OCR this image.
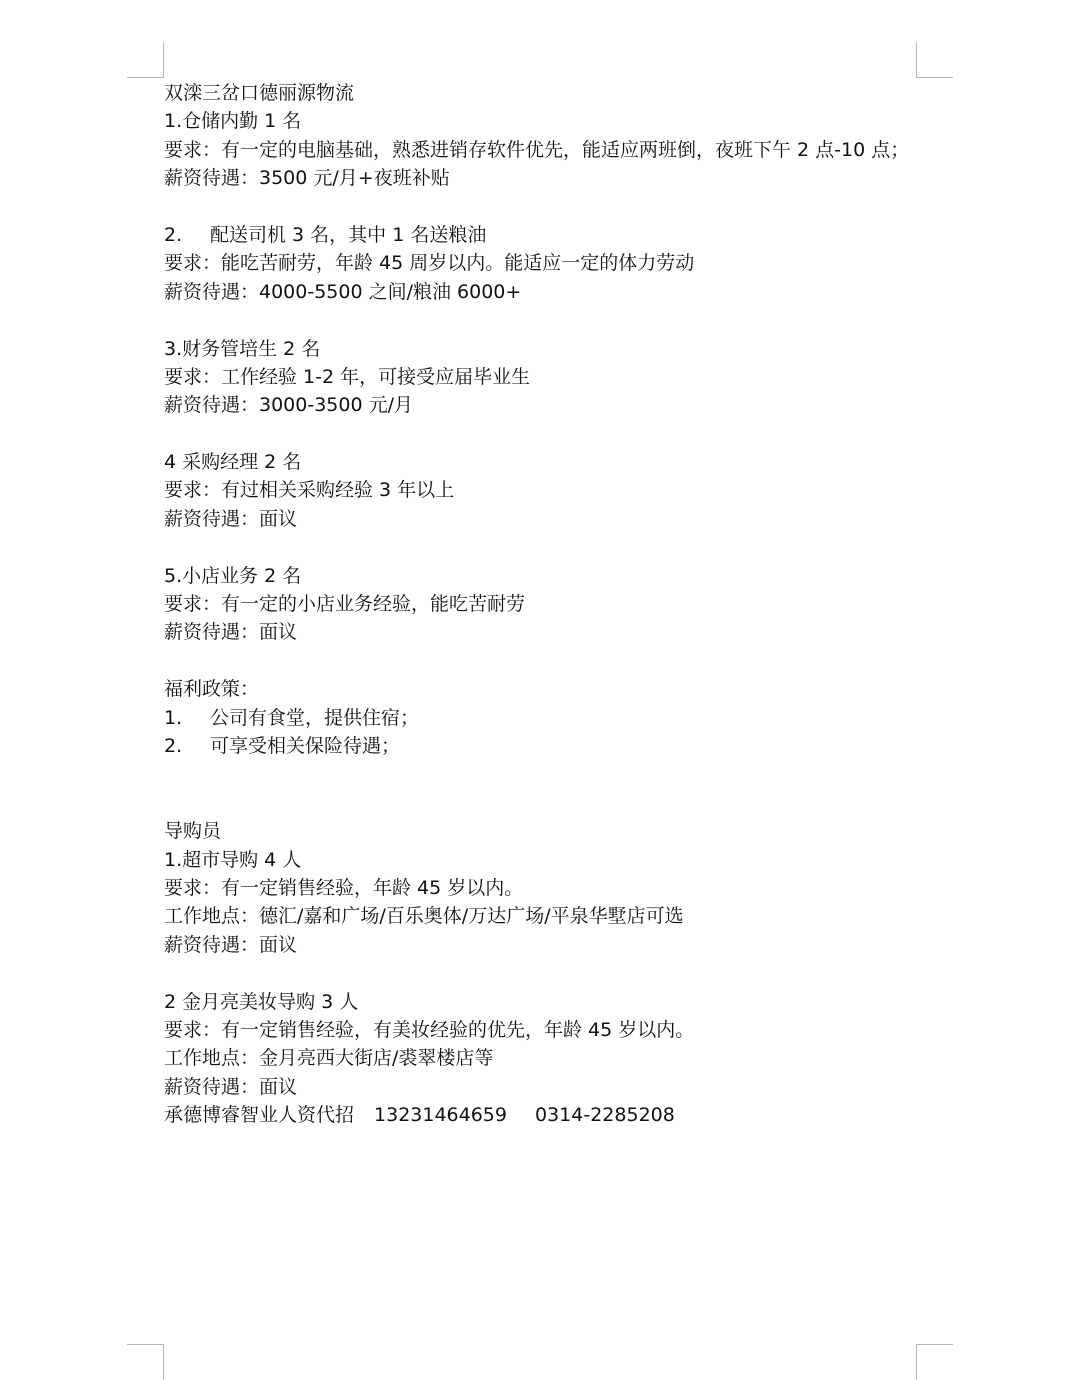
双滦三岔口德丽源物流
1.仓储内勤 1 名
要求：有一定的电脑基础，熟悉进销存软件优先，能适应两班倒，夜班下午 2 点-10 点；
薪资待遇：3500 元/月+夜班补贴
2.	配送司机 3 名，其中 1 名送粮油
要求：能吃苦耐劳，年龄 45 周岁以内。能适应一定的体力劳动
薪资待遇：4000-5500 之间/粮油 6000+
3.财务管培生 2 名
要求：工作经验 1-2 年，可接受应届毕业生
薪资待遇：3000-3500 元/月
4 采购经理 2 名
要求：有过相关采购经验 3 年以上
薪资待遇：面议
5.小店业务 2 名
要求：有一定的小店业务经验，能吃苦耐劳
薪资待遇：面议
福利政策：
1.	公司有食堂，提供住宿；
2.	可享受相关保险待遇；
导购员
1.超市导购 4 人
要求：有一定销售经验，年龄 45 岁以内。
工作地点：德汇/嘉和广场/百乐奥体/万达广场/平泉华墅店可选
薪资待遇：面议
2 金月亮美妆导购 3 人
要求：有一定销售经验，有美妆经验的优先，年龄 45 岁以内。
工作地点：金月亮西大街店/裘翠楼店等
薪资待遇：面议
承德博睿智业人资代招 13231464659 0314-2285208
